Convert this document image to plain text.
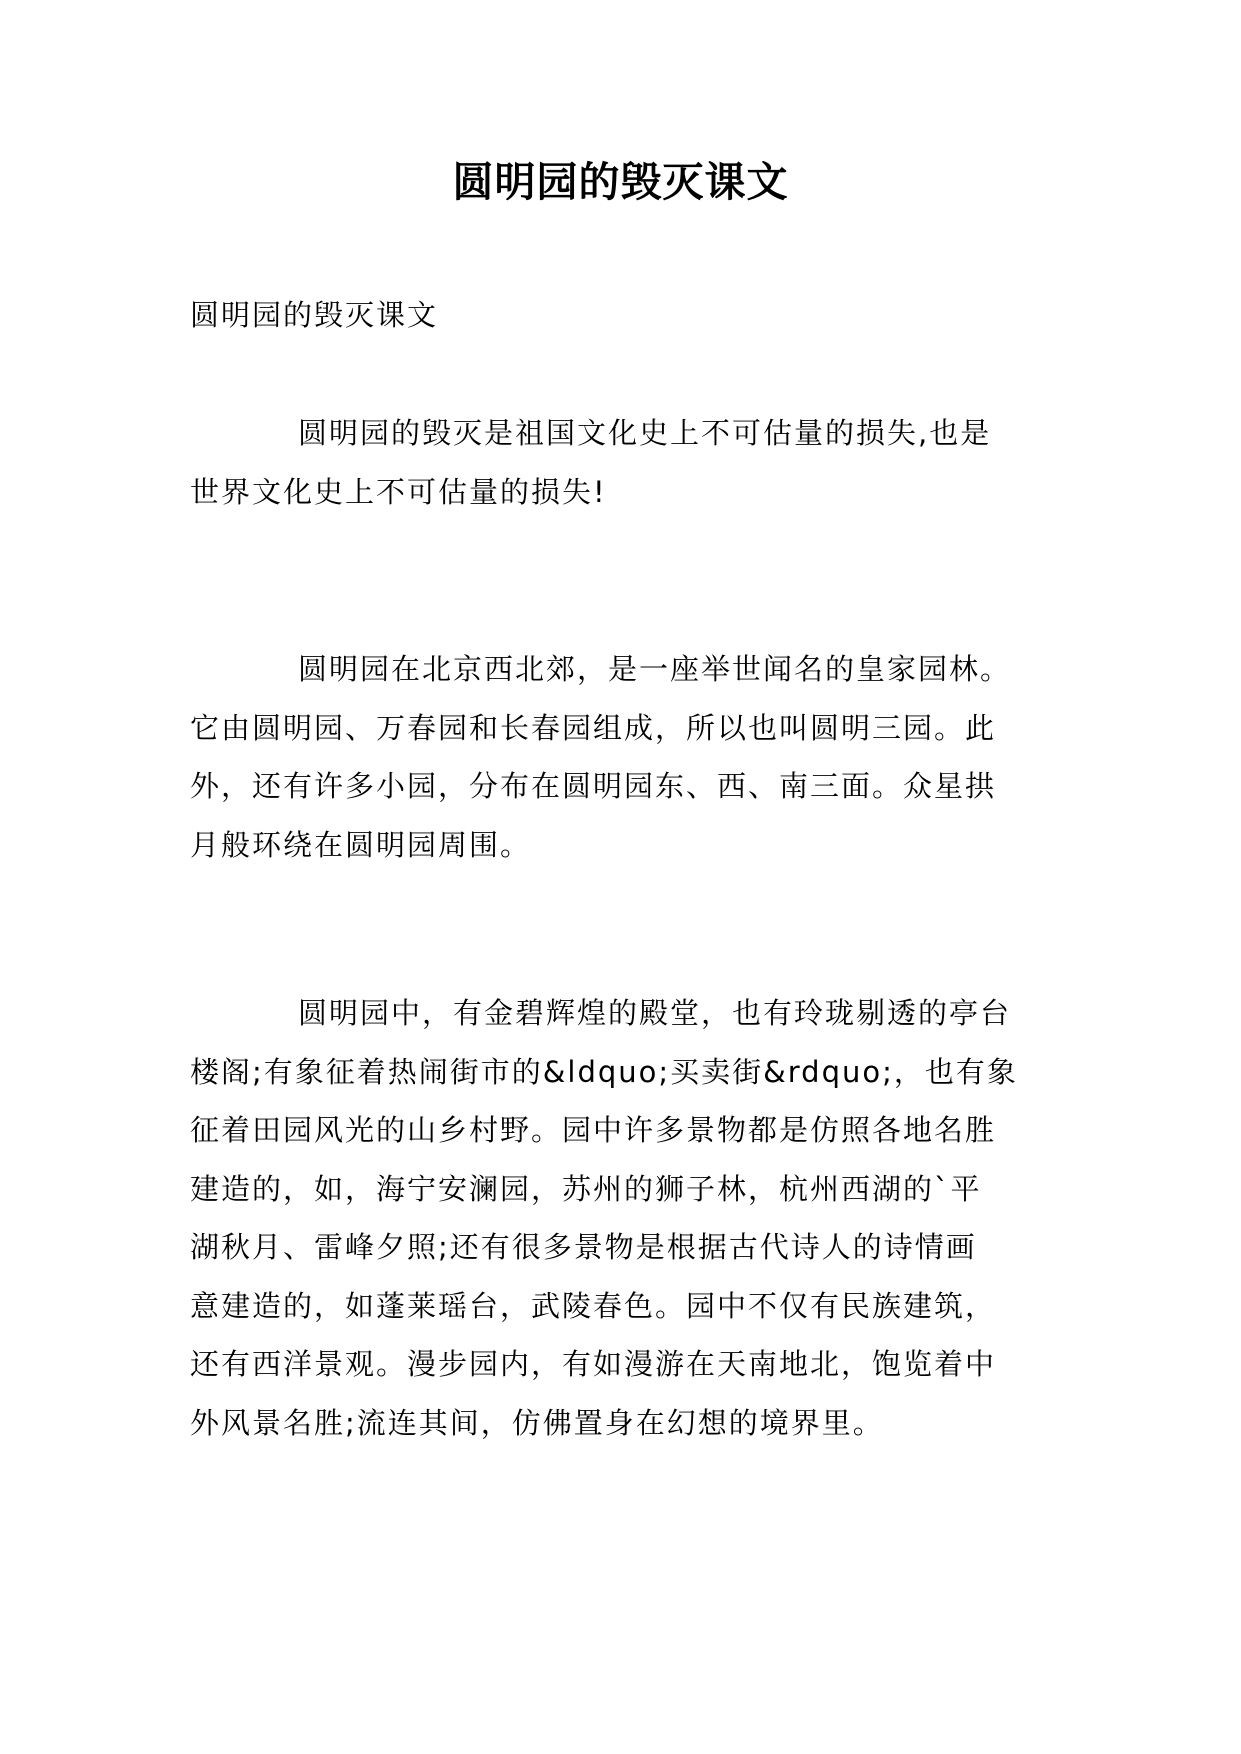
圆明园的毁灭课文

圆明园的毁灭课文

圆明园的毁灭是祖国文化史上不可估量的损失,也是
世界文化史上不可估量的损失!
圆明园在北京西北郊，是一座举世闻名的皇家园林。
它由圆明园、万春园和长春园组成，所以也叫圆明三园。此
外，还有许多小园，分布在圆明园东、西、南三面。众星拱
月般环绕在圆明园周围。
圆明园中，有金碧辉煌的殿堂，也有玲珑剔透的亭台
楼阁;有象征着热闹街市的&ldquo;买卖街&rdquo;，也有象
征着田园风光的山乡村野。园中许多景物都是仿照各地名胜
建造的，如，海宁安澜园，苏州的狮子林，杭州西湖的`平
湖秋月、雷峰夕照;还有很多景物是根据古代诗人的诗情画
意建造的，如蓬莱瑶台，武陵春色。园中不仅有民族建筑，
还有西洋景观。漫步园内，有如漫游在天南地北，饱览着中
外风景名胜;流连其间，仿佛置身在幻想的境界里。
